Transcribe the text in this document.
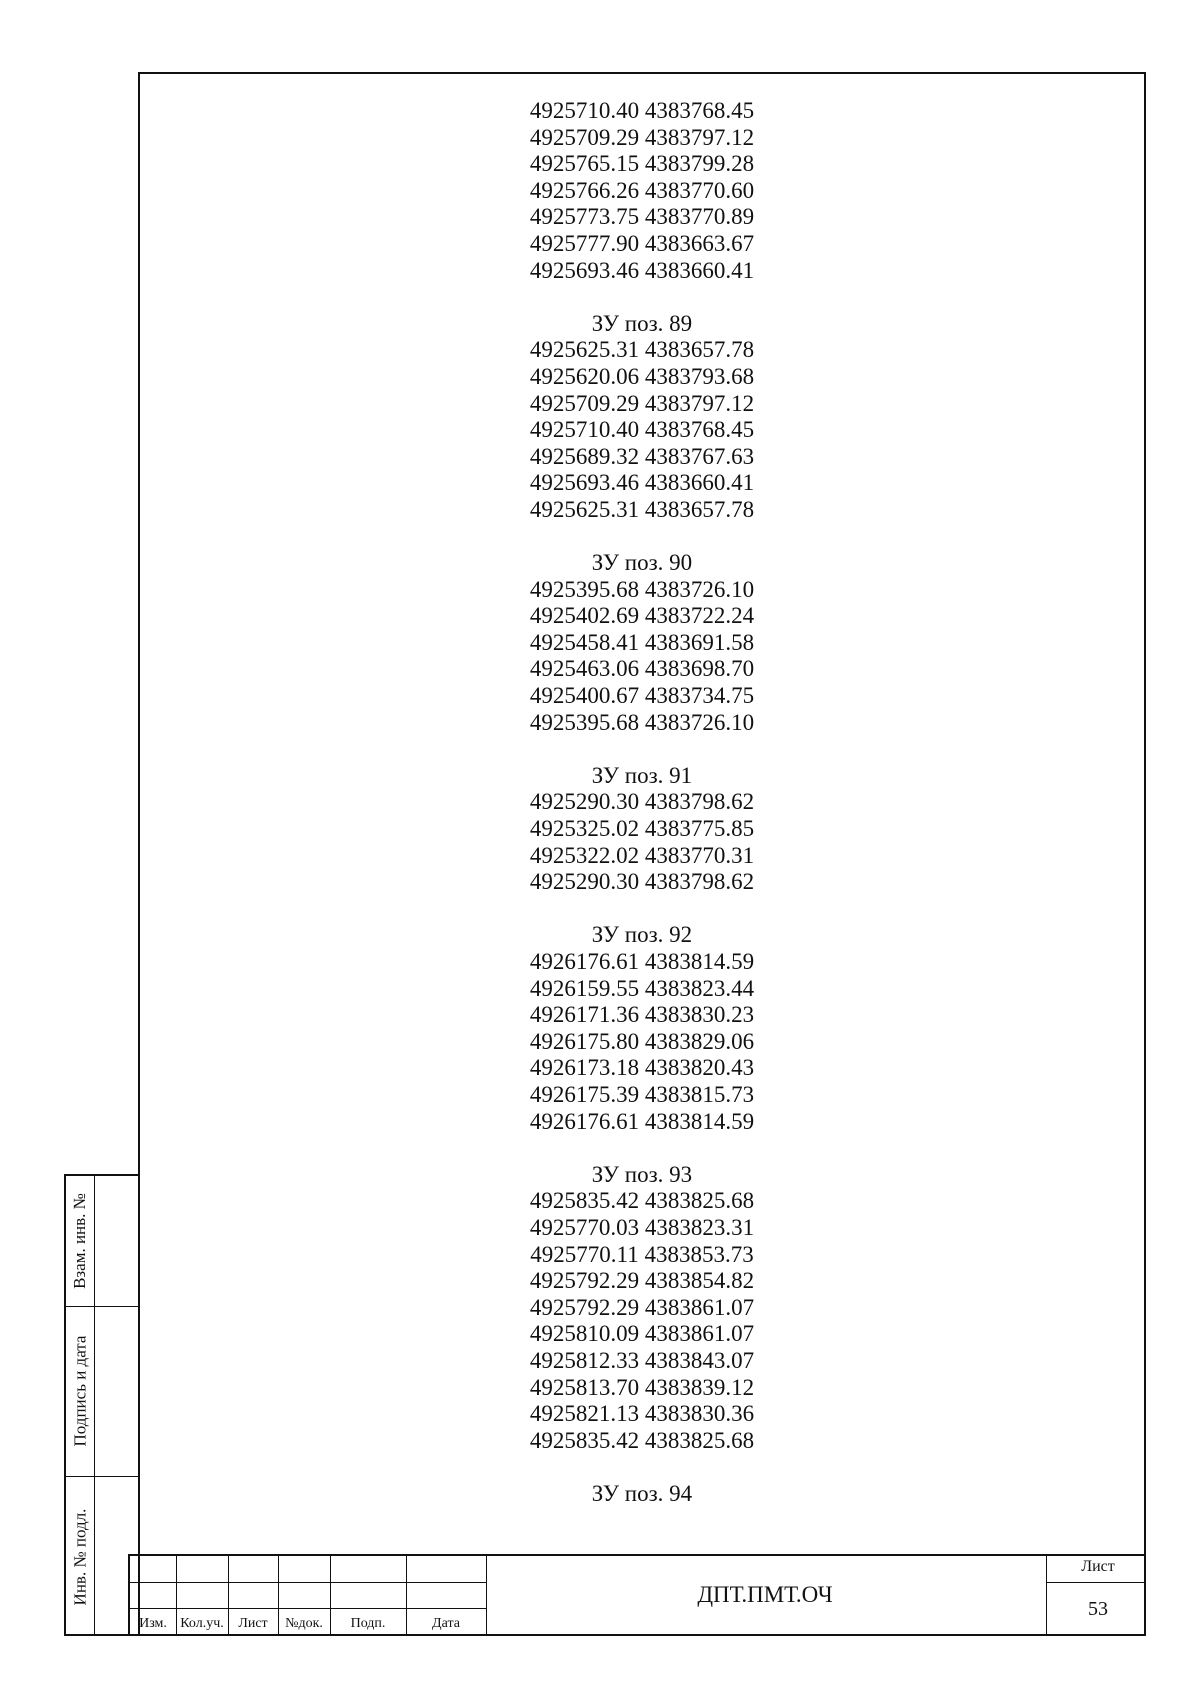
4925710.40 4383768.45
4925709.29 4383797.12
4925765.15 4383799.28
4925766.26 4383770.60
4925773.75 4383770.89
4925777.90 4383663.67
4925693.46 4383660.41
ЗУ поз. 89
4925625.31 4383657.78
4925620.06 4383793.68
4925709.29 4383797.12
4925710.40 4383768.45
4925689.32 4383767.63
4925693.46 4383660.41
4925625.31 4383657.78
ЗУ поз. 90
4925395.68 4383726.10
4925402.69 4383722.24
4925458.41 4383691.58
4925463.06 4383698.70
4925400.67 4383734.75
4925395.68 4383726.10
ЗУ поз. 91
4925290.30 4383798.62
4925325.02 4383775.85
4925322.02 4383770.31
4925290.30 4383798.62
ЗУ поз. 92
4926176.61 4383814.59
4926159.55 4383823.44
4926171.36 4383830.23
4926175.80 4383829.06
4926173.18 4383820.43
4926175.39 4383815.73
4926176.61 4383814.59
ЗУ поз. 93
4925835.42 4383825.68
4925770.03 4383823.31
4925770.11 4383853.73
4925792.29 4383854.82
4925792.29 4383861.07
4925810.09 4383861.07
4925812.33 4383843.07
4925813.70 4383839.12
4925821.13 4383830.36
4925835.42 4383825.68
ЗУ поз. 94
Взам. инв. №
Подпись и дата
Инв. № подл.
Изм. Кол.уч.	Лист	№док.	Подп.	Дата
ДПТ.ПМТ.ОЧ
Лист
53
